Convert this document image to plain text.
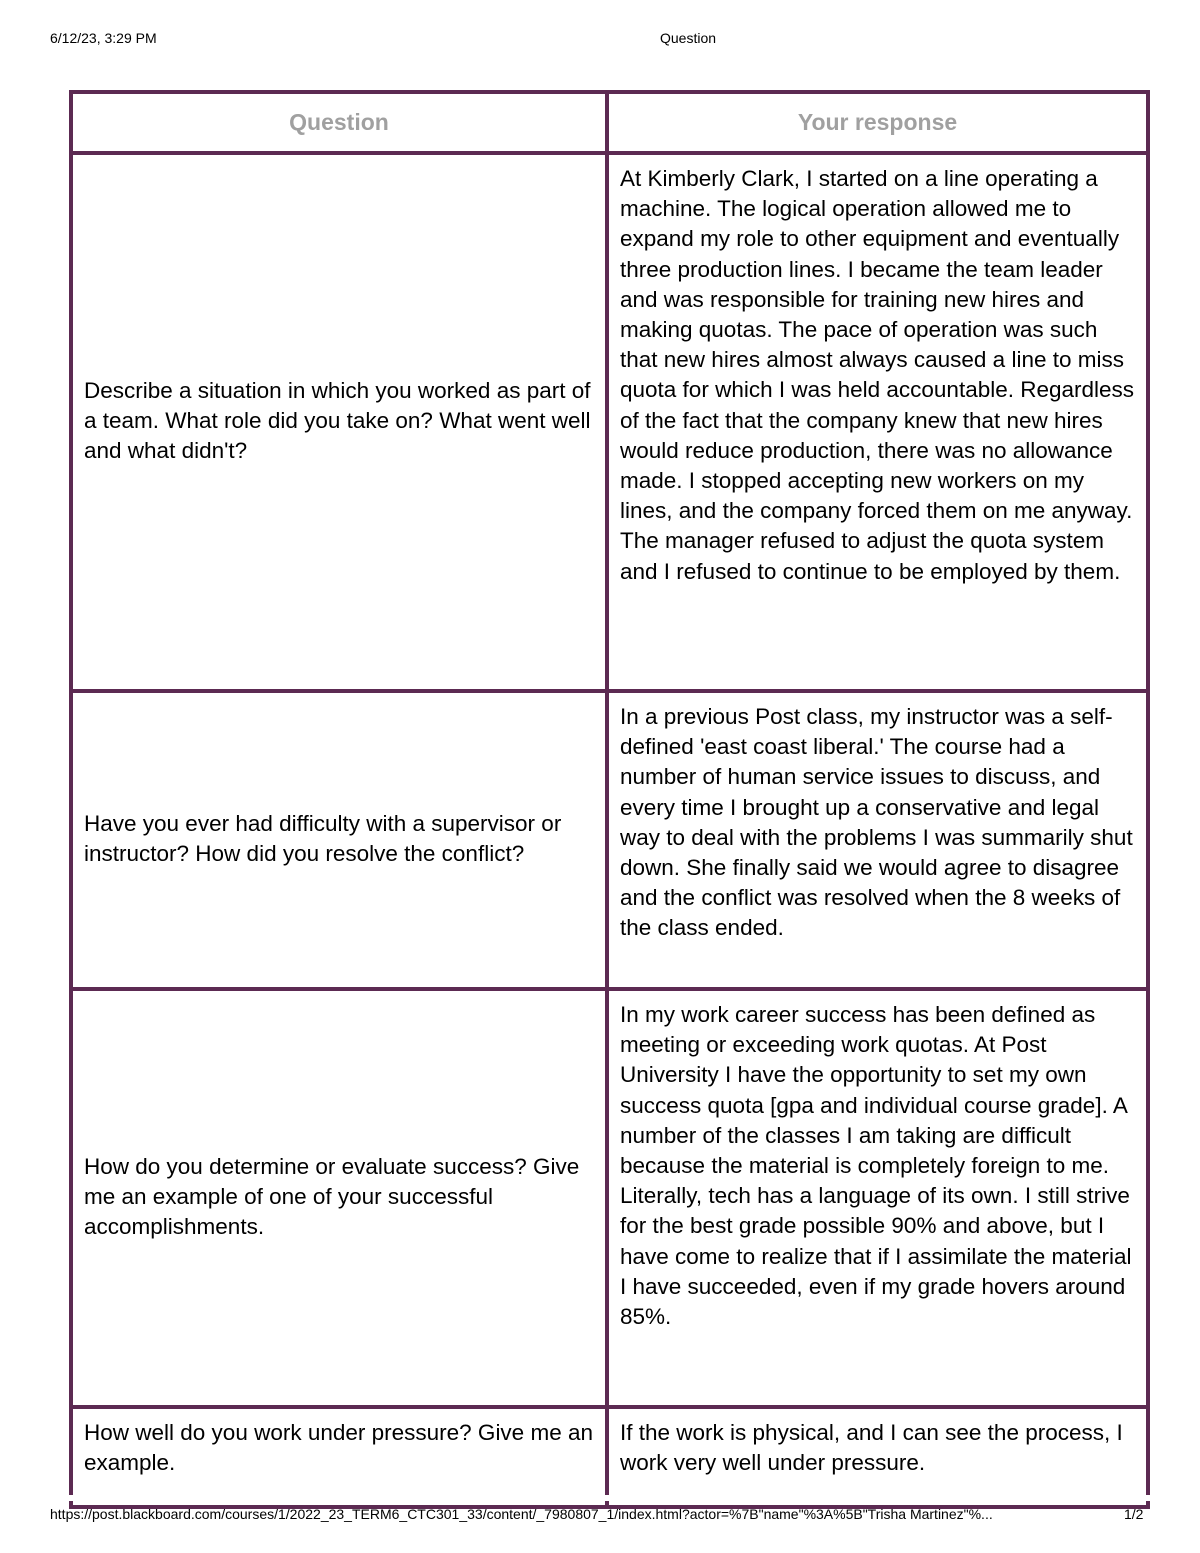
6/12/23, 3:29 PM	Question
Question	Your response
Describe a situation in which you worked as part of a team. What role did you take on? What went well and what didn't?	At Kimberly Clark, I started on a line operating a machine. The logical operation allowed me to expand my role to other equipment and eventually three production lines. I became the team leader and was responsible for training new hires and making quotas. The pace of operation was such that new hires almost always caused a line to miss quota for which I was held accountable. Regardless of the fact that the company knew that new hires would reduce production, there was no allowance made. I stopped accepting new workers on my lines, and the company forced them on me anyway. The manager refused to adjust the quota system and I refused to continue to be employed by them.
Have you ever had difficulty with a supervisor or instructor? How did you resolve the conflict?	In a previous Post class, my instructor was a self-defined 'east coast liberal.' The course had a number of human service issues to discuss, and every time I brought up a conservative and legal way to deal with the problems I was summarily shut down. She finally said we would agree to disagree and the conflict was resolved when the 8 weeks of the class ended.
How do you determine or evaluate success? Give me an example of one of your successful accomplishments.	In my work career success has been defined as meeting or exceeding work quotas. At Post University I have the opportunity to set my own success quota [gpa and individual course grade]. A number of the classes I am taking are difficult because the material is completely foreign to me. Literally, tech has a language of its own. I still strive for the best grade possible 90% and above, but I have come to realize that if I assimilate the material I have succeeded, even if my grade hovers around 85%.
How well do you work under pressure? Give me an example.	If the work is physical, and I can see the process, I work very well under pressure.
https://post.blackboard.com/courses/1/2022_23_TERM6_CTC301_33/content/_7980807_1/index.html?actor=%7B"name"%3A%5B"Trisha Martinez"%...	1/2
